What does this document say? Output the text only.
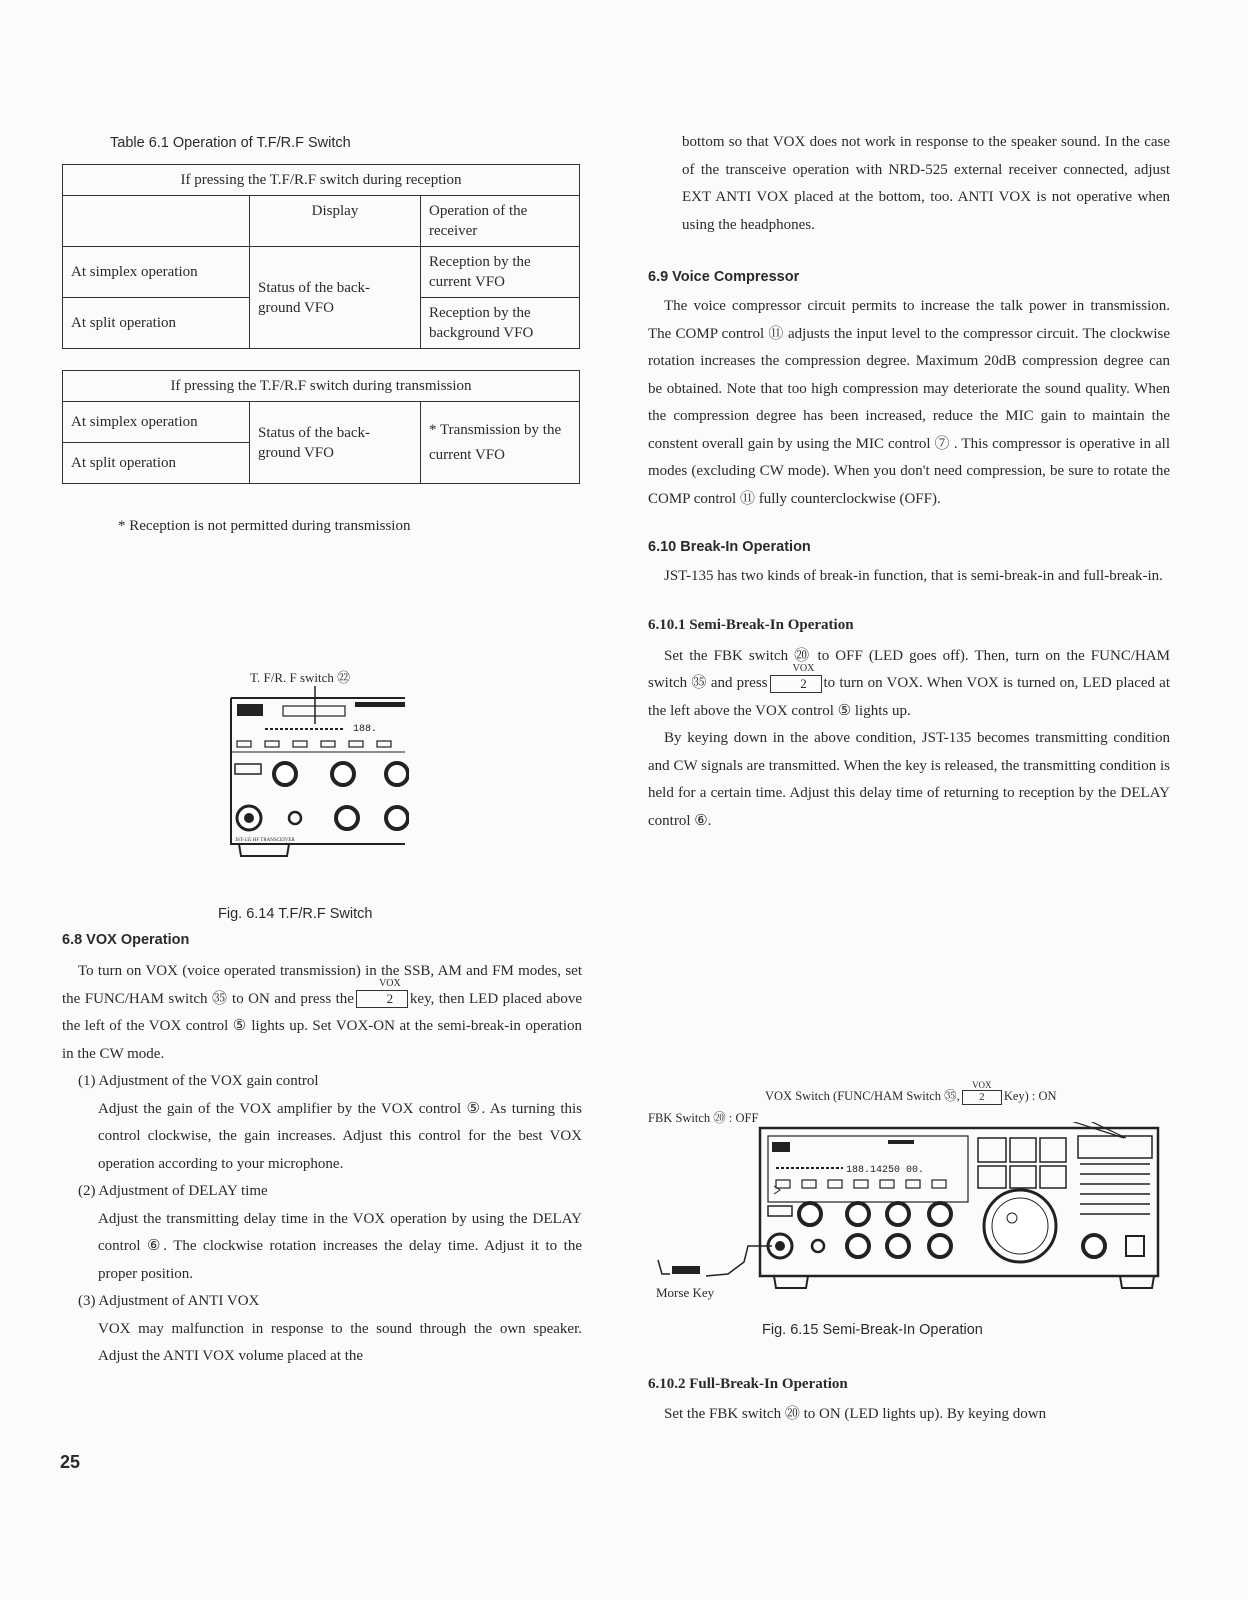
Table 6.1 Operation of T.F/R.F Switch
If pressing the T.F/R.F switch during reception		
	Display	Operation of the receiver
At simplex operation	Status of the back-ground VFO	Reception by the current VFO
At split operation		Reception by the background VFO
If pressing the T.F/R.F switch during transmission
At simplex operation	Status of the back-ground VFO	* Transmission by the current VFO
At split operation
* Reception is not permitted during transmission
T. F/R. F switch ㉒
188.
JST-135 HF TRANSCEIVER
Fig. 6.14 T.F/R.F Switch
6.8 VOX Operation
To turn on VOX (voice operated transmission) in the SSB, AM and FM modes, set the FUNC/HAM switch ㉟ to ON and press the
VOX
2 key, then LED placed above the left of the VOX control ⑤ lights up. Set VOX-ON at the semi-break-in operation in the CW mode.
(1) Adjustment of the VOX gain control
Adjust the gain of the VOX amplifier by the VOX control ⑤. As turning this control clockwise, the gain increases. Adjust this control for the best VOX operation according to your microphone.
(2) Adjustment of DELAY time
Adjust the transmitting delay time in the VOX operation by using the DELAY control ⑥. The clockwise rotation increases the delay time. Adjust it to the proper position.
(3) Adjustment of ANTI VOX
VOX may malfunction in response to the sound through the own speaker. Adjust the ANTI VOX volume placed at the
25
bottom so that VOX does not work in response to the speaker sound. In the case of the transceive operation with NRD-525 external receiver connected, adjust EXT ANTI VOX placed at the bottom, too. ANTI VOX is not operative when using the headphones.
6.9 Voice Compressor
The voice compressor circuit permits to increase the talk power in transmission. The COMP control ⑪ adjusts the input level to the compressor circuit. The clockwise rotation increases the compression degree. Maximum 20dB compression degree can be obtained. Note that too high compression may deteriorate the sound quality. When the compression degree has been increased, reduce the MIC gain to maintain the constent overall gain by using the MIC control ⑦ . This compressor is operative in all modes (excluding CW mode). When you don't need compression, be sure to rotate the COMP control ⑪ fully counterclockwise (OFF).
6.10 Break-In Operation
JST-135 has two kinds of break-in function, that is semi-break-in and full-break-in.
6.10.1 Semi-Break-In Operation
Set the FBK switch ⑳ to OFF (LED goes off). Then, turn on the FUNC/HAM switch ㉟ and press
VOX
2 to turn on VOX. When VOX is turned on, LED placed at the left above the VOX control ⑤ lights up.
By keying down in the above condition, JST-135 becomes transmitting condition and CW signals are transmitted. When the key is released, the transmitting condition is held for a certain time. Adjust this delay time of returning to reception by the DELAY control ⑥.
VOX Switch (FUNC/HAM Switch ㉟,
VOX
2 Key) : ON
FBK Switch ⑳ : OFF
188.14250 00.
Morse Key
Fig. 6.15 Semi-Break-In Operation
6.10.2 Full-Break-In Operation
Set the FBK switch ⑳ to ON (LED lights up). By keying down
